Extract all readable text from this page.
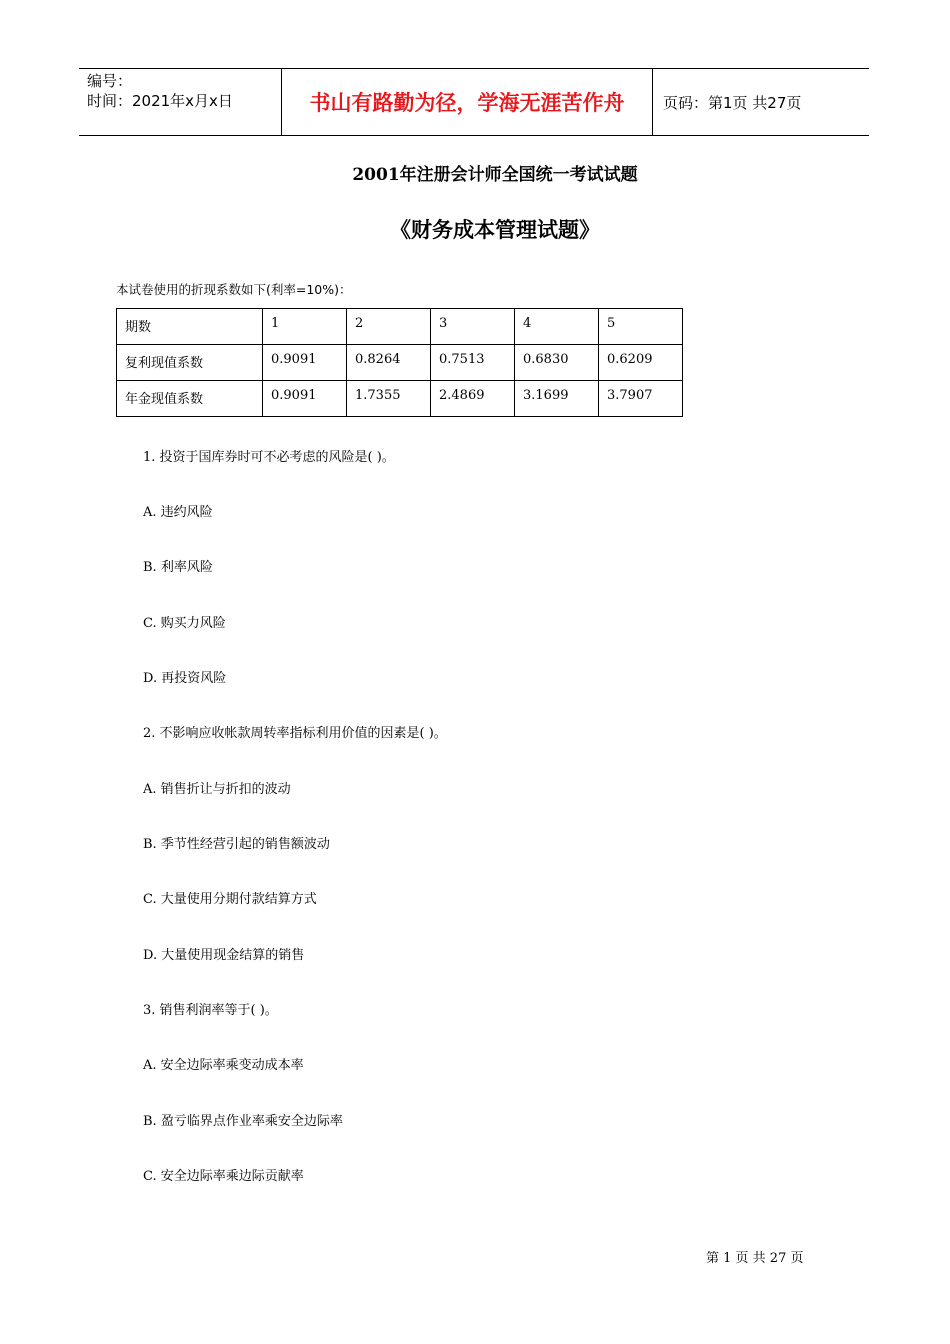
编号：
时间：2021年x月x日	书山有路勤为径，学海无涯苦作舟	页码：第1页 共27页
2001年注册会计师全国统一考试试题
《财务成本管理试题》
本试卷使用的折现系数如下(利率=10%)：
期数	1	2	3	4	5
复利现值系数	0.9091	0.8264	0.7513	0.6830	0.6209
年金现值系数	0.9091	1.7355	2.4869	3.1699	3.7907
1. 投资于国库券时可不必考虑的风险是( )。
A. 违约风险
B. 利率风险
C. 购买力风险
D. 再投资风险
2. 不影响应收帐款周转率指标利用价值的因素是( )。
A. 销售折让与折扣的波动
B. 季节性经营引起的销售额波动
C. 大量使用分期付款结算方式
D. 大量使用现金结算的销售
3. 销售利润率等于( )。
A. 安全边际率乘变动成本率
B. 盈亏临界点作业率乘安全边际率
C. 安全边际率乘边际贡献率
第 1 页 共 27 页
